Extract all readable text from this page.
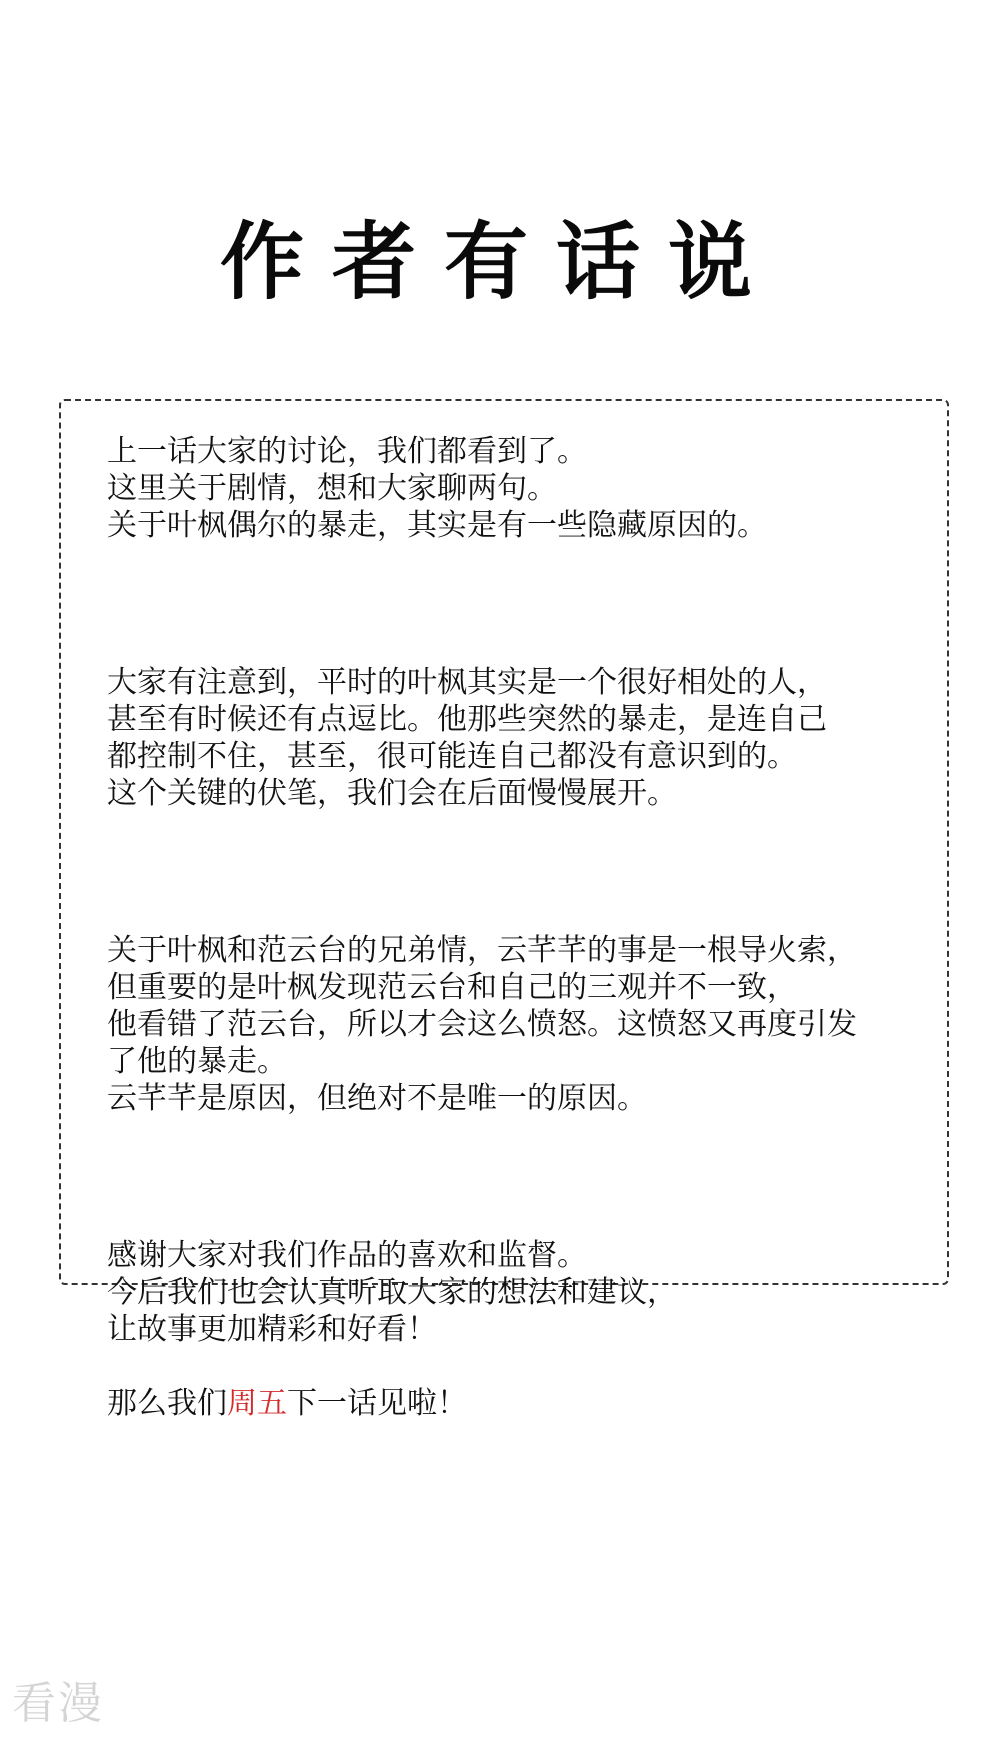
作者有话说

上一话大家的讨论，我们都看到了。
这里关于剧情，想和大家聊两句。
关于叶枫偶尔的暴走，其实是有一些隐藏原因的。

大家有注意到，平时的叶枫其实是一个很好相处的人，
甚至有时候还有点逗比。他那些突然的暴走，是连自己
都控制不住，甚至，很可能连自己都没有意识到的。
这个关键的伏笔，我们会在后面慢慢展开。

关于叶枫和范云台的兄弟情，云芊芊的事是一根导火索，
但重要的是叶枫发现范云台和自己的三观并不一致，
他看错了范云台，所以才会这么愤怒。这愤怒又再度引发
了他的暴走。
云芊芊是原因，但绝对不是唯一的原因。

感谢大家对我们作品的喜欢和监督。
今后我们也会认真听取大家的想法和建议，
让故事更加精彩和好看！

那么我们周五下一话见啦！

看漫
